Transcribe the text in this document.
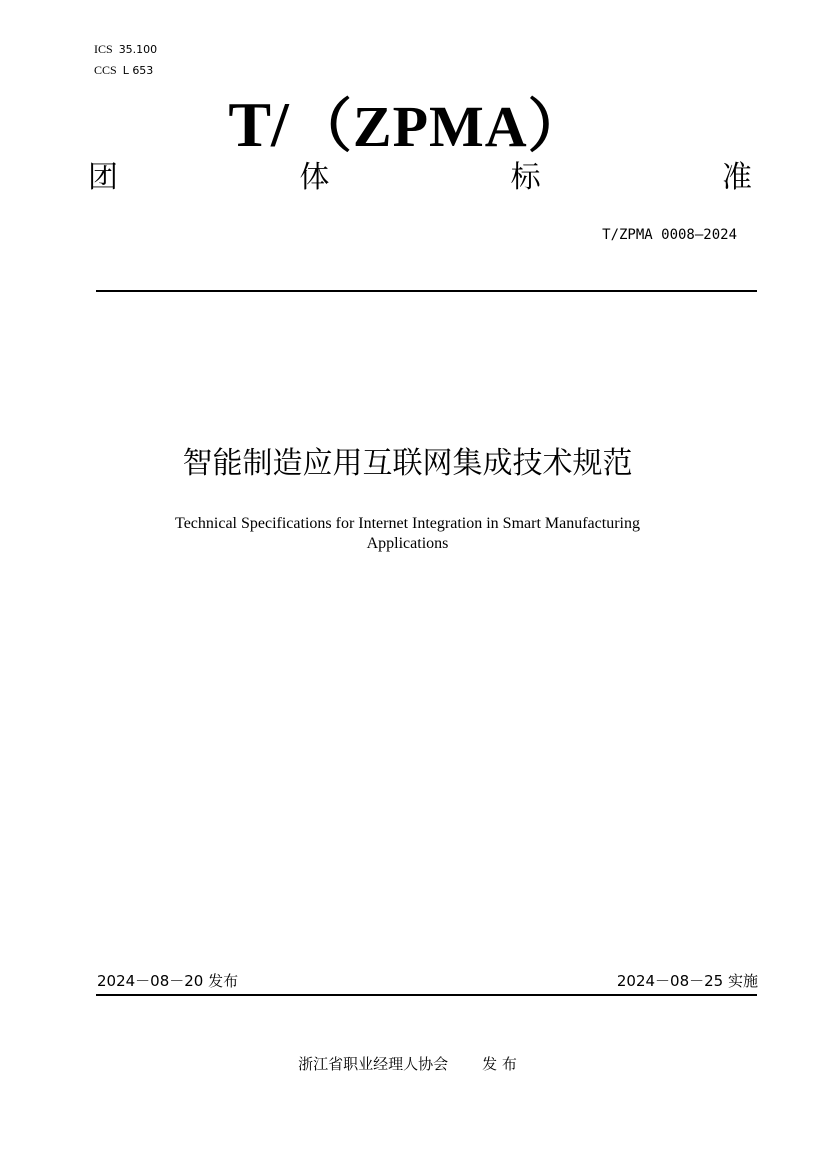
ICS 35.100
CCS L 653
T/ （ZPMA）
团	体	标	准
T/ZPMA 0008—2024
智能制造应用互联网集成技术规范
Technical Specifications for Internet Integration in Smart Manufacturing
Applications
2024－08－20 发布	2024－08－25 实施
浙江省职业经理人协会 发 布
